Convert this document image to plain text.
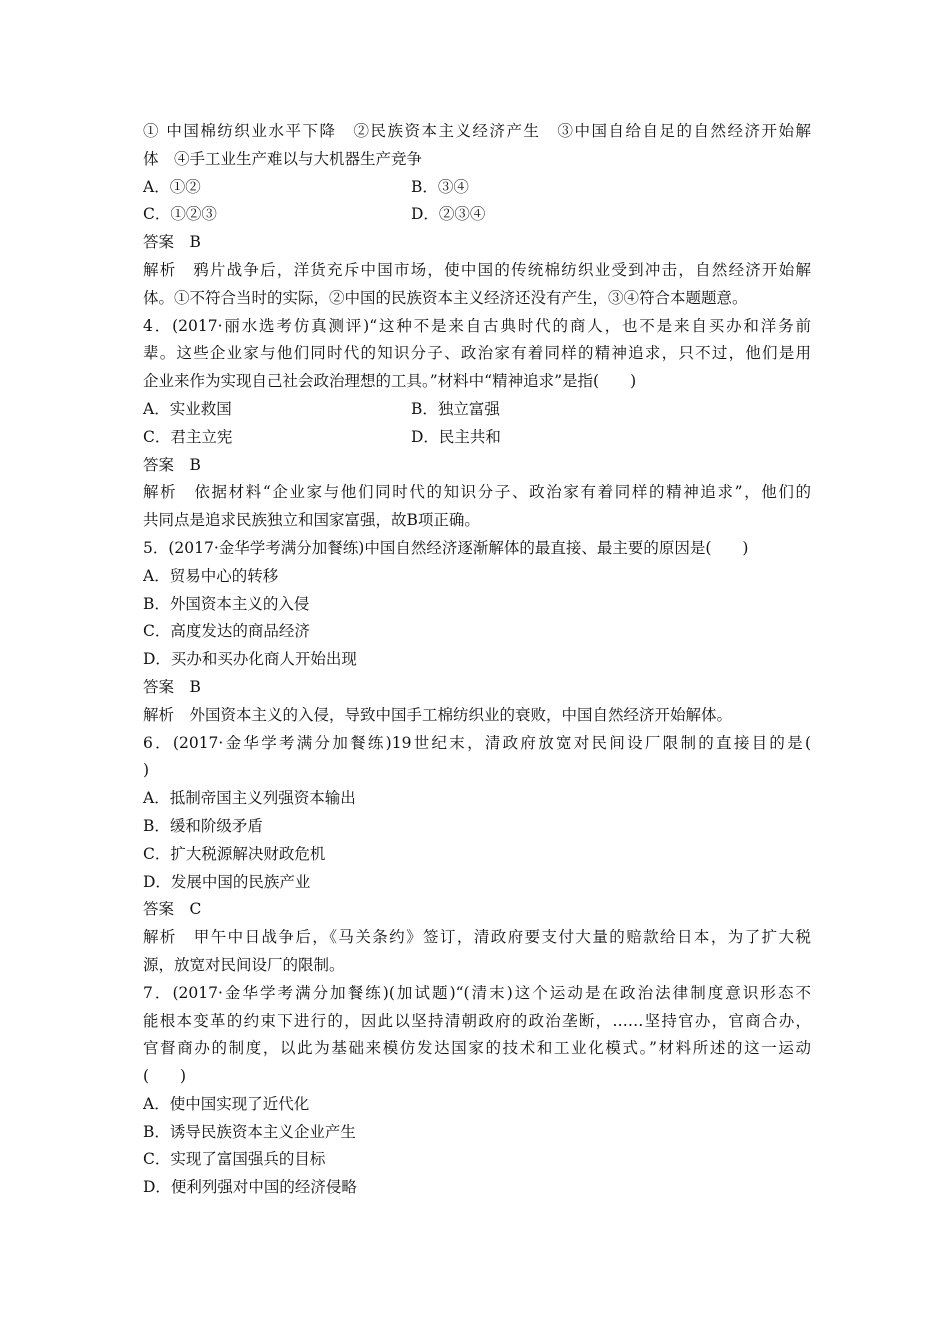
① 中国棉纺织业水平下降　②民族资本主义经济产生　③中国自给自足的自然经济开始解
体　④手工业生产难以与大机器生产竞争
A．①②	B．③④
C．①②③	D．②③④
答案　B
解析　鸦片战争后，洋货充斥中国市场，使中国的传统棉纺织业受到冲击，自然经济开始解
体。①不符合当时的实际，②中国的民族资本主义经济还没有产生，③④符合本题题意。
4．(2017·丽水选考仿真测评)“这种不是来自古典时代的商人，也不是来自买办和洋务前
辈。这些企业家与他们同时代的知识分子、政治家有着同样的精神追求，只不过，他们是用
企业来作为实现自己社会政治理想的工具。”材料中“精神追求”是指(　　)
A．实业救国	B．独立富强
C．君主立宪	D．民主共和
答案　B
解析　依据材料“企业家与他们同时代的知识分子、政治家有着同样的精神追求”，他们的
共同点是追求民族独立和国家富强，故B项正确。
5．(2017·金华学考满分加餐练)中国自然经济逐渐解体的最直接、最主要的原因是(　　)
A．贸易中心的转移
B．外国资本主义的入侵
C．高度发达的商品经济
D．买办和买办化商人开始出现
答案　B
解析　外国资本主义的入侵，导致中国手工棉纺织业的衰败，中国自然经济开始解体。
6．(2017·金华学考满分加餐练)19世纪末，清政府放宽对民间设厂限制的直接目的是(
)
A．抵制帝国主义列强资本输出
B．缓和阶级矛盾
C．扩大税源解决财政危机
D．发展中国的民族产业
答案　C
解析　甲午中日战争后，《马关条约》签订，清政府要支付大量的赔款给日本，为了扩大税
源，放宽对民间设厂的限制。
7．(2017·金华学考满分加餐练)(加试题)“(清末)这个运动是在政治法律制度意识形态不
能根本变革的约束下进行的，因此以坚持清朝政府的政治垄断，……坚持官办，官商合办，
官督商办的制度，以此为基础来模仿发达国家的技术和工业化模式。”材料所述的这一运动
(　　)
A．使中国实现了近代化
B．诱导民族资本主义企业产生
C．实现了富国强兵的目标
D．便利列强对中国的经济侵略
